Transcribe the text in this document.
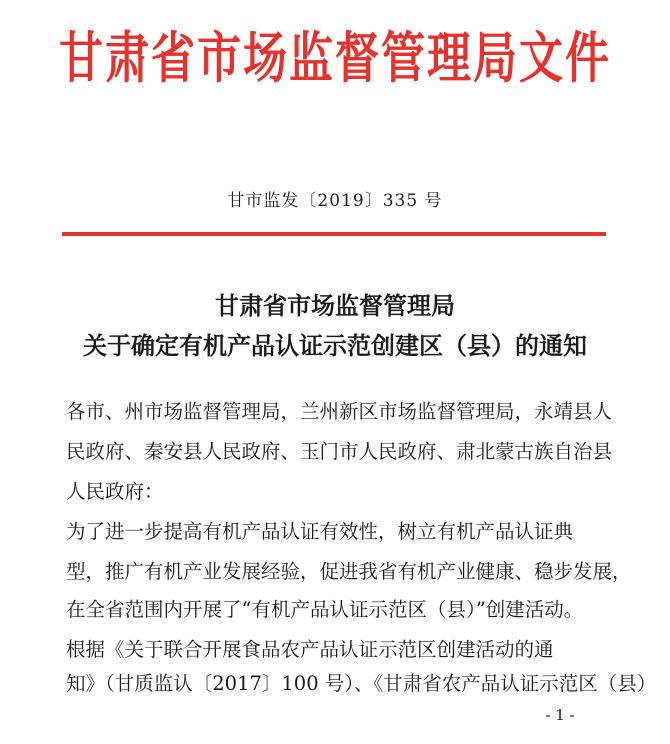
甘肃省市场监督管理局文件
甘市监发〔2019〕335 号
甘肃省市场监督管理局
关于确定有机产品认证示范创建区（县）的通知
各市、州市场监督管理局，兰州新区市场监督管理局，永靖县人
民政府、秦安县人民政府、玉门市人民政府、肃北蒙古族自治县
人民政府：
为了进一步提高有机产品认证有效性，树立有机产品认证典
型，推广有机产业发展经验，促进我省有机产业健康、稳步发展，
在全省范围内开展了“有机产品认证示范区（县）”创建活动。
根据《关于联合开展食品农产品认证示范区创建活动的通
知》（甘质监认〔2017〕100 号）、《甘肃省农产品认证示范区（县）
- 1 -
